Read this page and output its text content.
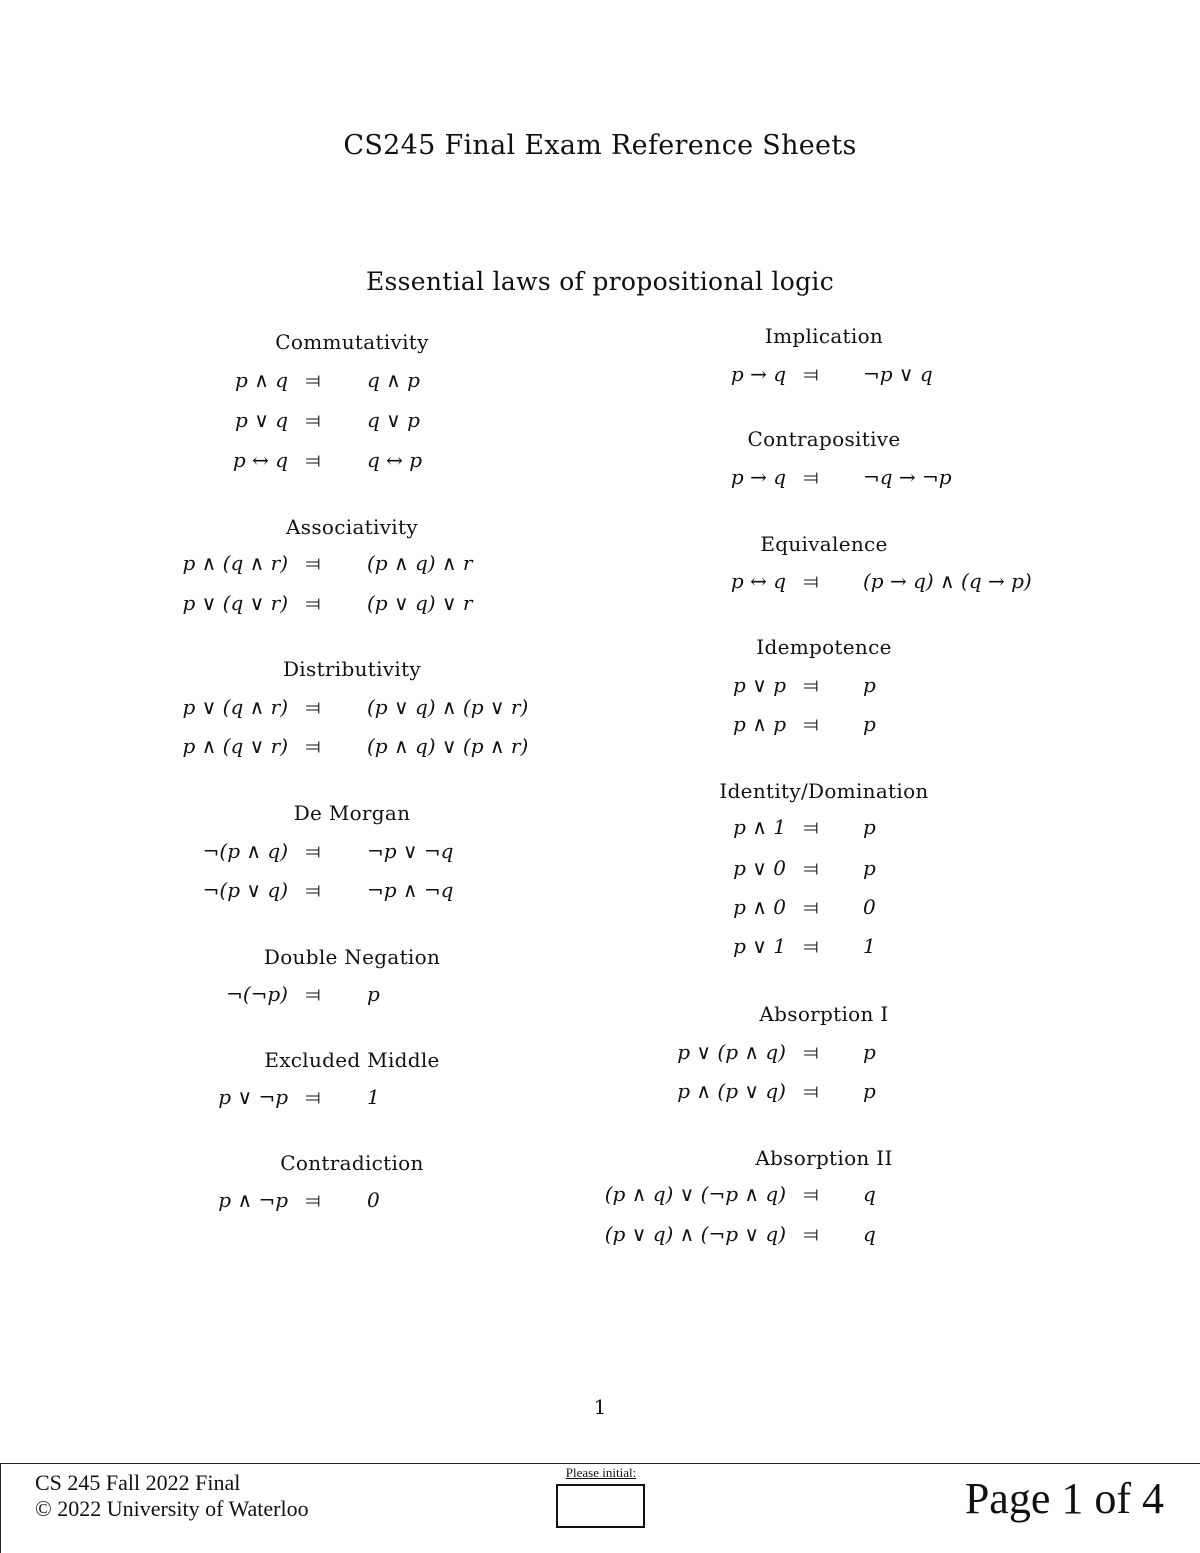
CS245 Final Exam Reference Sheets
Essential laws of propositional logic
Commutativity
p ∧ q ⫤ q ∧ p
p ∨ q ⫤ q ∨ p
p ↔ q ⫤ q ↔ p
Associativity
p ∧ (q ∧ r) ⫤ (p ∧ q) ∧ r
p ∨ (q ∨ r) ⫤ (p ∨ q) ∨ r
Distributivity
p ∨ (q ∧ r) ⫤ (p ∨ q) ∧ (p ∨ r)
p ∧ (q ∨ r) ⫤ (p ∧ q) ∨ (p ∧ r)
De Morgan
¬(p ∧ q) ⫤ ¬p ∨ ¬q
¬(p ∨ q) ⫤ ¬p ∧ ¬q
Double Negation
¬(¬p) ⫤ p
Excluded Middle
p ∨ ¬p ⫤ 1
Contradiction
p ∧ ¬p ⫤ 0
Implication
p → q ⫤ ¬p ∨ q
Contrapositive
p → q ⫤ ¬q → ¬p
Equivalence
p ↔ q ⫤ (p → q) ∧ (q → p)
Idempotence
p ∨ p ⫤ p
p ∧ p ⫤ p
Identity/Domination
p ∧ 1 ⫤ p
p ∨ 0 ⫤ p
p ∧ 0 ⫤ 0
p ∨ 1 ⫤ 1
Absorption I
p ∨ (p ∧ q) ⫤ p
p ∧ (p ∨ q) ⫤ p
Absorption II
(p ∧ q) ∨ (¬p ∧ q) ⫤ q
(p ∨ q) ∧ (¬p ∨ q) ⫤ q
1
CS 245 Fall 2022 Final
© 2022 University of Waterloo
Please initial:
Page 1 of 4
